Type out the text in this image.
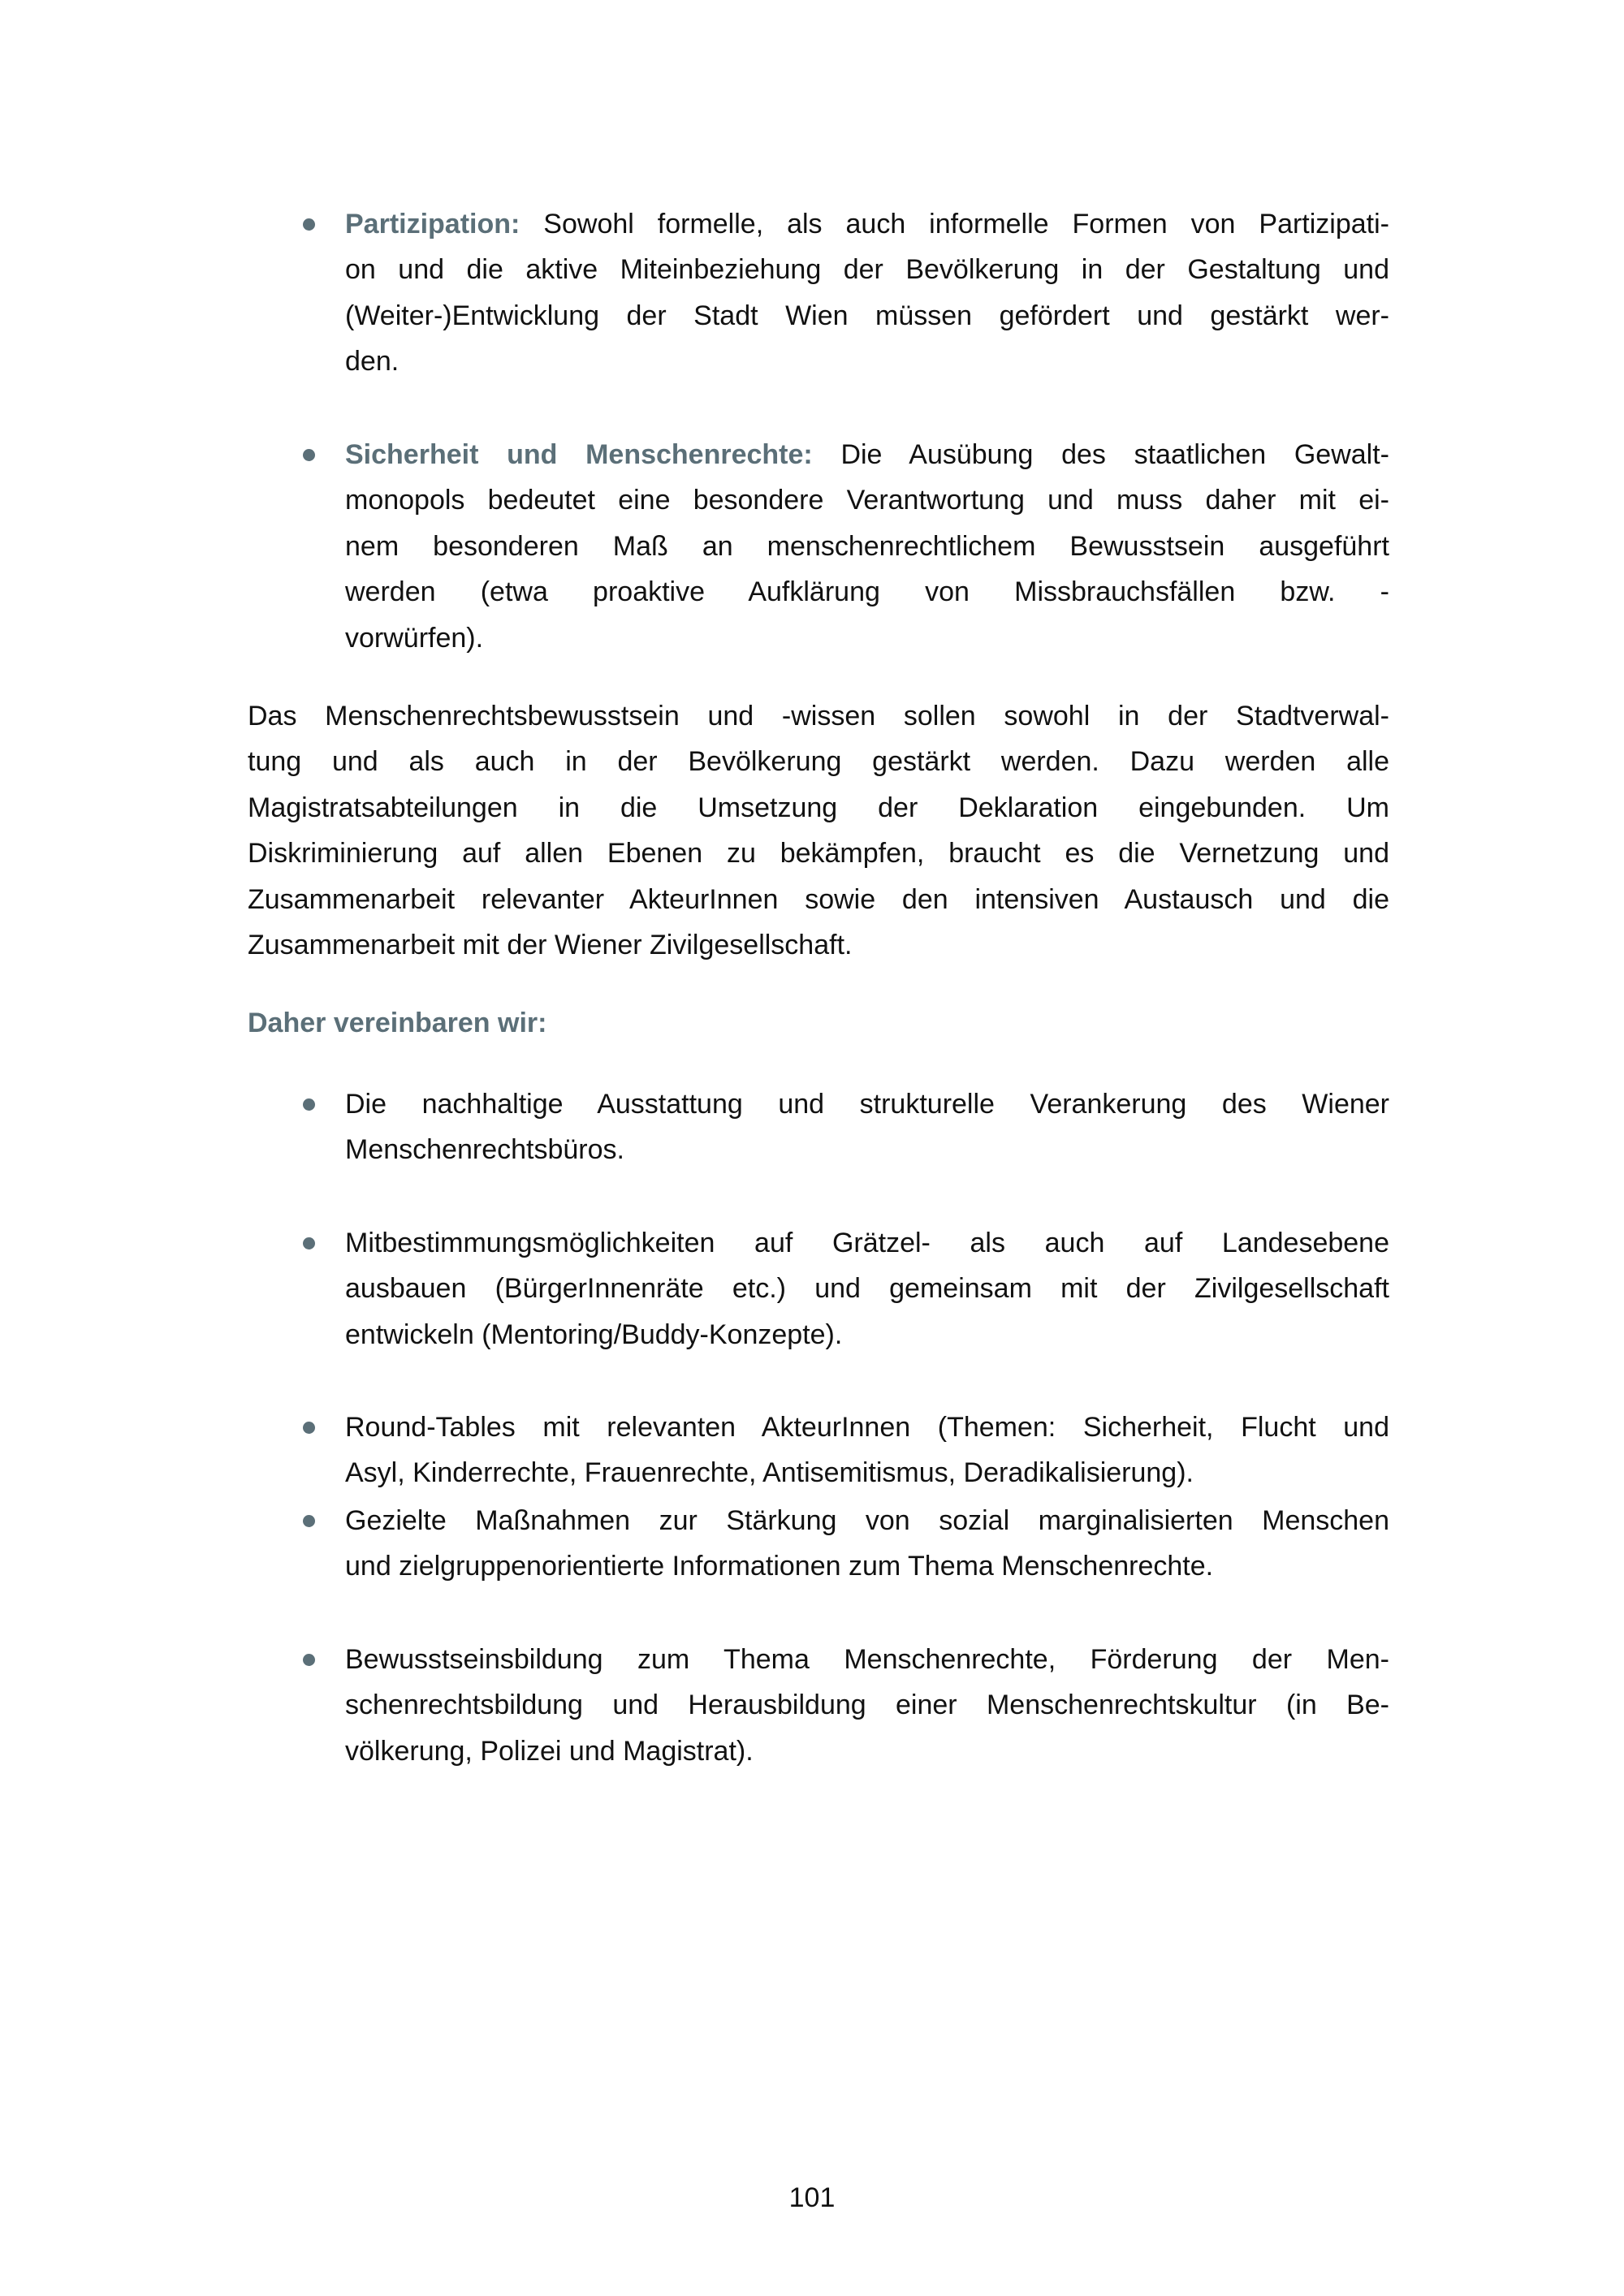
Partizipation: Sowohl formelle, als auch informelle Formen von Partizipati-
on und die aktive Miteinbeziehung der Bevölkerung in der Gestaltung und
(Weiter-)Entwicklung der Stadt Wien müssen gefördert und gestärkt wer-
den.
Sicherheit und Menschenrechte: Die Ausübung des staatlichen Gewalt-
monopols bedeutet eine besondere Verantwortung und muss daher mit ei-
nem besonderen Maß an menschenrechtlichem Bewusstsein ausgeführt
werden (etwa proaktive Aufklärung von Missbrauchsfällen bzw. -
vorwürfen).
Das Menschenrechtsbewusstsein und -wissen sollen sowohl in der Stadtverwal-
tung und als auch in der Bevölkerung gestärkt werden. Dazu werden alle
Magistratsabteilungen in die Umsetzung der Deklaration eingebunden. Um
Diskriminierung auf allen Ebenen zu bekämpfen, braucht es die Vernetzung und
Zusammenarbeit relevanter AkteurInnen sowie den intensiven Austausch und die
Zusammenarbeit mit der Wiener Zivilgesellschaft.
Daher vereinbaren wir:
Die nachhaltige Ausstattung und strukturelle Verankerung des Wiener
Menschenrechtsbüros.
Mitbestimmungsmöglichkeiten auf Grätzel- als auch auf Landesebene
ausbauen (BürgerInnenräte etc.) und gemeinsam mit der Zivilgesellschaft
entwickeln (Mentoring/Buddy-Konzepte).
Round-Tables mit relevanten AkteurInnen (Themen: Sicherheit, Flucht und
Asyl, Kinderrechte, Frauenrechte, Antisemitismus, Deradikalisierung).
Gezielte Maßnahmen zur Stärkung von sozial marginalisierten Menschen
und zielgruppenorientierte Informationen zum Thema Menschenrechte.
Bewusstseinsbildung zum Thema Menschenrechte, Förderung der Men-
schenrechtsbildung und Herausbildung einer Menschenrechtskultur (in Be-
völkerung, Polizei und Magistrat).
101
